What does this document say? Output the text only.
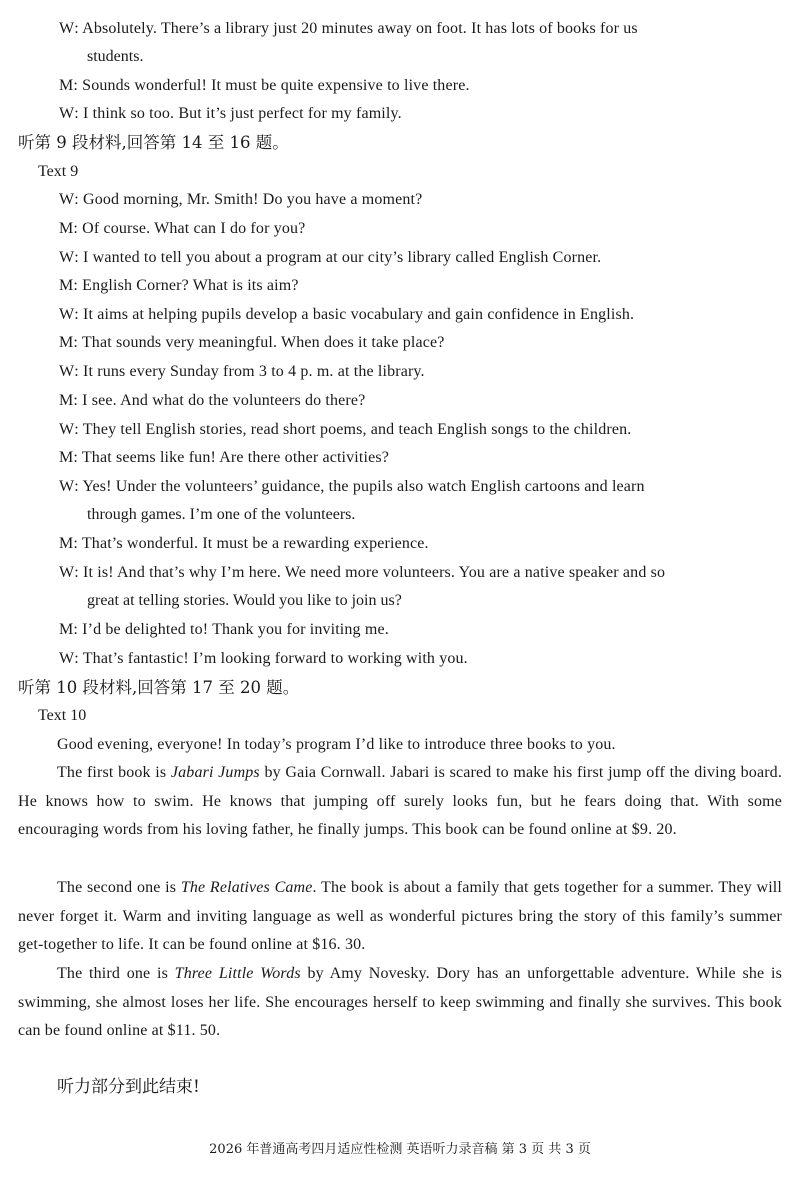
W: Absolutely. There’s a library just 20 minutes away on foot. It has lots of books for us
students.
M: Sounds wonderful! It must be quite expensive to live there.
W: I think so too. But it’s just perfect for my family.
听第 9 段材料,回答第 14 至 16 题。
Text 9
W: Good morning, Mr. Smith! Do you have a moment?
M: Of course. What can I do for you?
W: I wanted to tell you about a program at our city’s library called English Corner.
M: English Corner? What is its aim?
W: It aims at helping pupils develop a basic vocabulary and gain confidence in English.
M: That sounds very meaningful. When does it take place?
W: It runs every Sunday from 3 to 4 p. m. at the library.
M: I see. And what do the volunteers do there?
W: They tell English stories, read short poems, and teach English songs to the children.
M: That seems like fun! Are there other activities?
W: Yes! Under the volunteers’ guidance, the pupils also watch English cartoons and learn
through games. I’m one of the volunteers.
M: That’s wonderful. It must be a rewarding experience.
W: It is! And that’s why I’m here. We need more volunteers. You are a native speaker and so
great at telling stories. Would you like to join us?
M: I’d be delighted to! Thank you for inviting me.
W: That’s fantastic! I’m looking forward to working with you.
听第 10 段材料,回答第 17 至 20 题。
Text 10
Good evening, everyone! In today’s program I’d like to introduce three books to you.
The first book is Jabari Jumps by Gaia Cornwall. Jabari is scared to make his first jump off the diving board. He knows how to swim. He knows that jumping off surely looks fun, but he fears doing that. With some encouraging words from his loving father, he finally jumps. This book can be found online at $9. 20.
The second one is The Relatives Came. The book is about a family that gets together for a summer. They will never forget it. Warm and inviting language as well as wonderful pictures bring the story of this family’s summer get-together to life. It can be found online at $16. 30.
The third one is Three Little Words by Amy Novesky. Dory has an unforgettable adventure. While she is swimming, she almost loses her life. She encourages herself to keep swimming and finally she survives. This book can be found online at $11. 50.
听力部分到此结束!
2026 年普通高考四月适应性检测 英语听力录音稿 第 3 页 共 3 页
